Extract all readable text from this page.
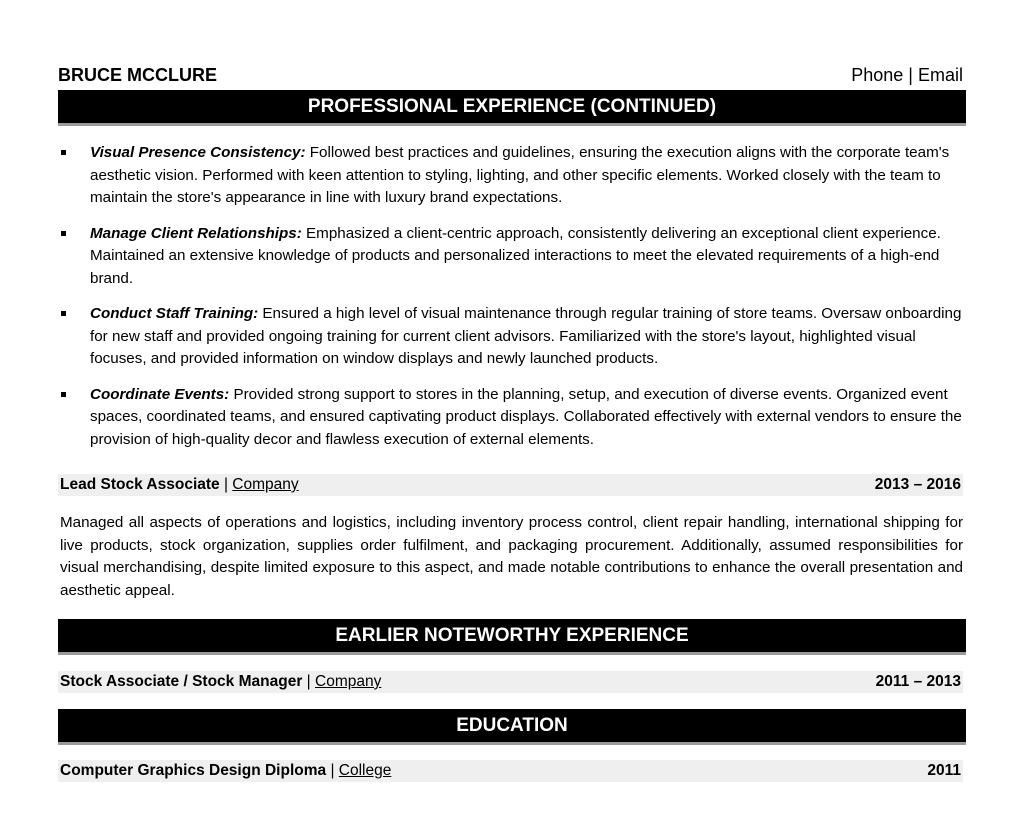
BRUCE MCCLURE	Phone | Email
PROFESSIONAL EXPERIENCE (CONTINUED)
Visual Presence Consistency: Followed best practices and guidelines, ensuring the execution aligns with the corporate team's aesthetic vision. Performed with keen attention to styling, lighting, and other specific elements. Worked closely with the team to maintain the store's appearance in line with luxury brand expectations.
Manage Client Relationships: Emphasized a client-centric approach, consistently delivering an exceptional client experience. Maintained an extensive knowledge of products and personalized interactions to meet the elevated requirements of a high-end brand.
Conduct Staff Training: Ensured a high level of visual maintenance through regular training of store teams. Oversaw onboarding for new staff and provided ongoing training for current client advisors. Familiarized with the store's layout, highlighted visual focuses, and provided information on window displays and newly launched products.
Coordinate Events: Provided strong support to stores in the planning, setup, and execution of diverse events. Organized event spaces, coordinated teams, and ensured captivating product displays. Collaborated effectively with external vendors to ensure the provision of high-quality decor and flawless execution of external elements.
Lead Stock Associate | Company	2013 – 2016

Managed all aspects of operations and logistics, including inventory process control, client repair handling, international shipping for live products, stock organization, supplies order fulfilment, and packaging procurement. Additionally, assumed responsibilities for visual merchandising, despite limited exposure to this aspect, and made notable contributions to enhance the overall presentation and aesthetic appeal.

EARLIER NOTEWORTHY EXPERIENCE
Stock Associate / Stock Manager | Company	2011 – 2013
EDUCATION
Computer Graphics Design Diploma | College	2011
